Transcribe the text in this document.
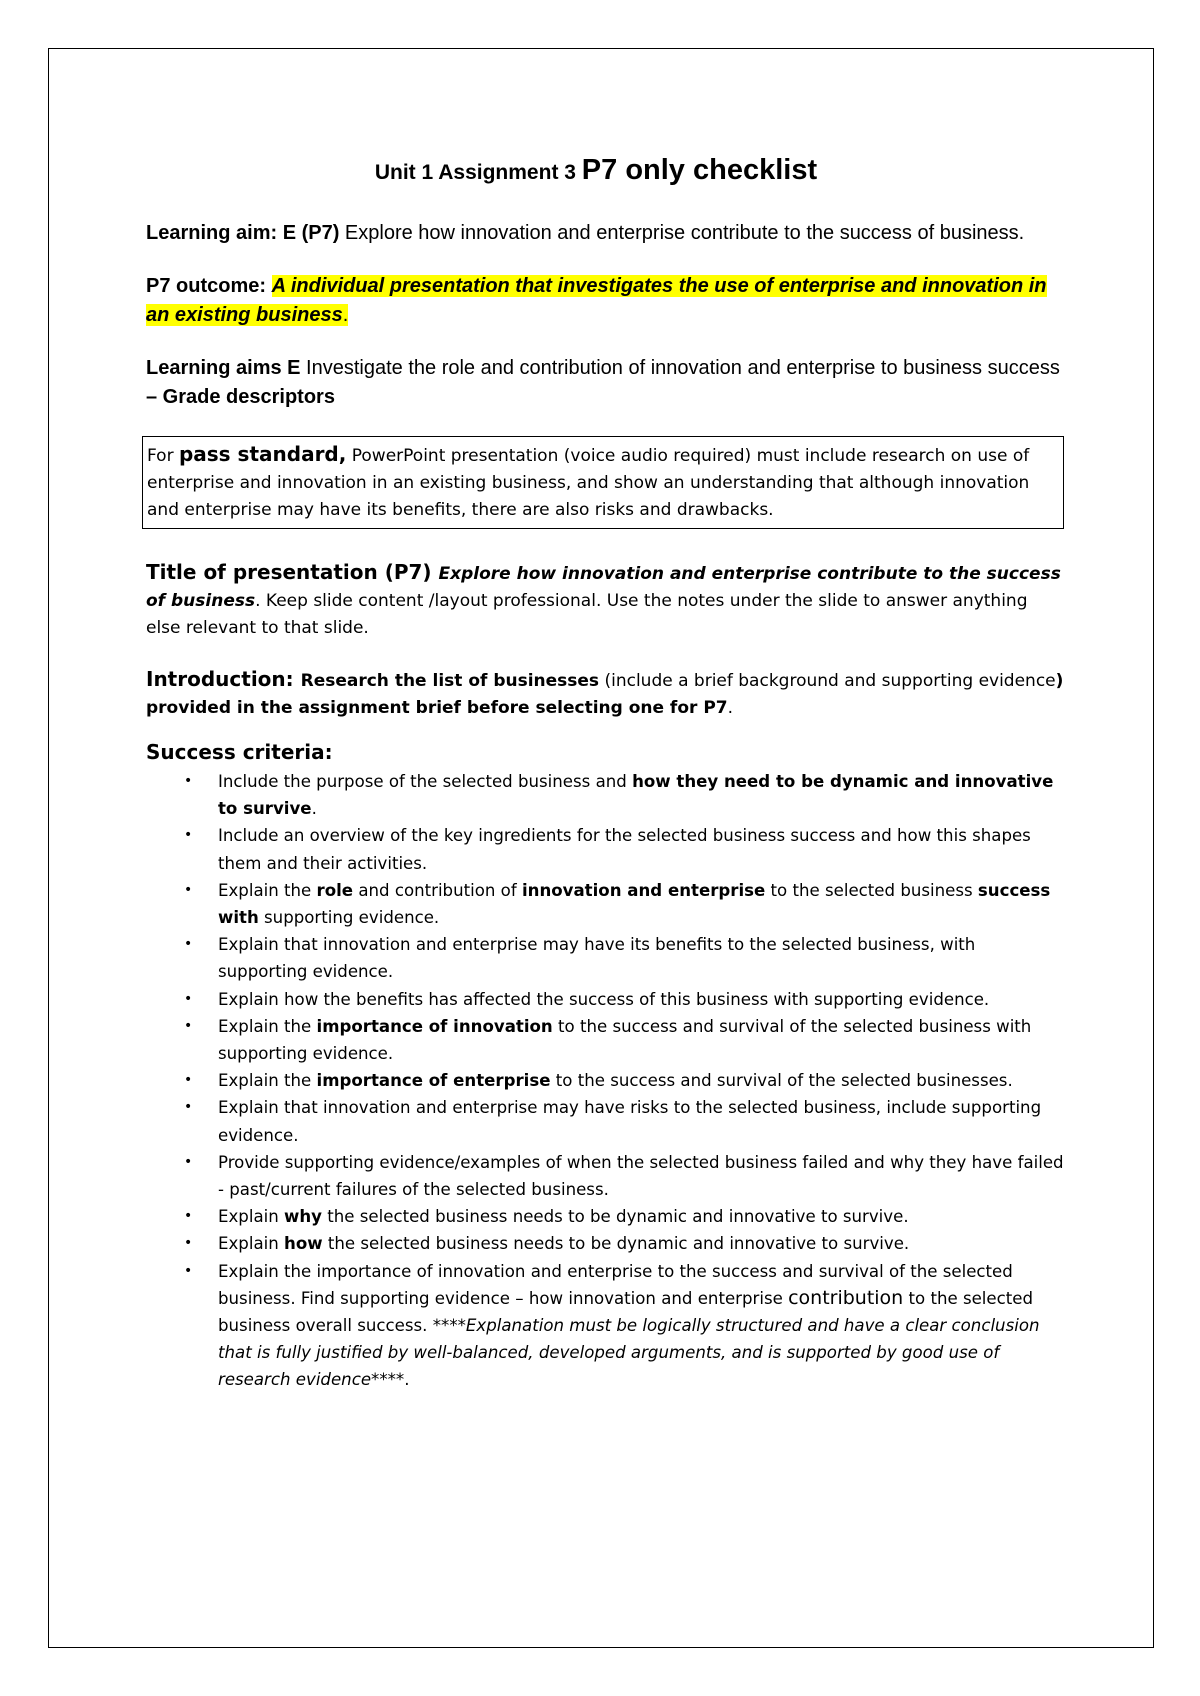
Unit 1 Assignment 3 P7 only checklist

Learning aim: E (P7) Explore how innovation and enterprise contribute to the success of business.

P7 outcome: A individual presentation that investigates the use of enterprise and innovation in an existing business.

Learning aims E Investigate the role and contribution of innovation and enterprise to business success – Grade descriptors

For pass standard, PowerPoint presentation (voice audio required) must include research on use of enterprise and innovation in an existing business, and show an understanding that although innovation and enterprise may have its benefits, there are also risks and drawbacks.

Title of presentation (P7) Explore how innovation and enterprise contribute to the success of business. Keep slide content /layout professional. Use the notes under the slide to answer anything else relevant to that slide.

Introduction: Research the list of businesses (include a brief background and supporting evidence)
provided in the assignment brief before selecting one for P7.

Success criteria:
• Include the purpose of the selected business and how they need to be dynamic and innovative to survive.
• Include an overview of the key ingredients for the selected business success and how this shapes them and their activities.
• Explain the role and contribution of innovation and enterprise to the selected business success with supporting evidence.
• Explain that innovation and enterprise may have its benefits to the selected business, with supporting evidence.
• Explain how the benefits has affected the success of this business with supporting evidence.
• Explain the importance of innovation to the success and survival of the selected business with supporting evidence.
• Explain the importance of enterprise to the success and survival of the selected businesses.
• Explain that innovation and enterprise may have risks to the selected business, include supporting evidence.
• Provide supporting evidence/examples of when the selected business failed and why they have failed - past/current failures of the selected business.
• Explain why the selected business needs to be dynamic and innovative to survive.
• Explain how the selected business needs to be dynamic and innovative to survive.
• Explain the importance of innovation and enterprise to the success and survival of the selected business. Find supporting evidence – how innovation and enterprise contribution to the selected business overall success. ****Explanation must be logically structured and have a clear conclusion that is fully justified by well-balanced, developed arguments, and is supported by good use of research evidence****.
